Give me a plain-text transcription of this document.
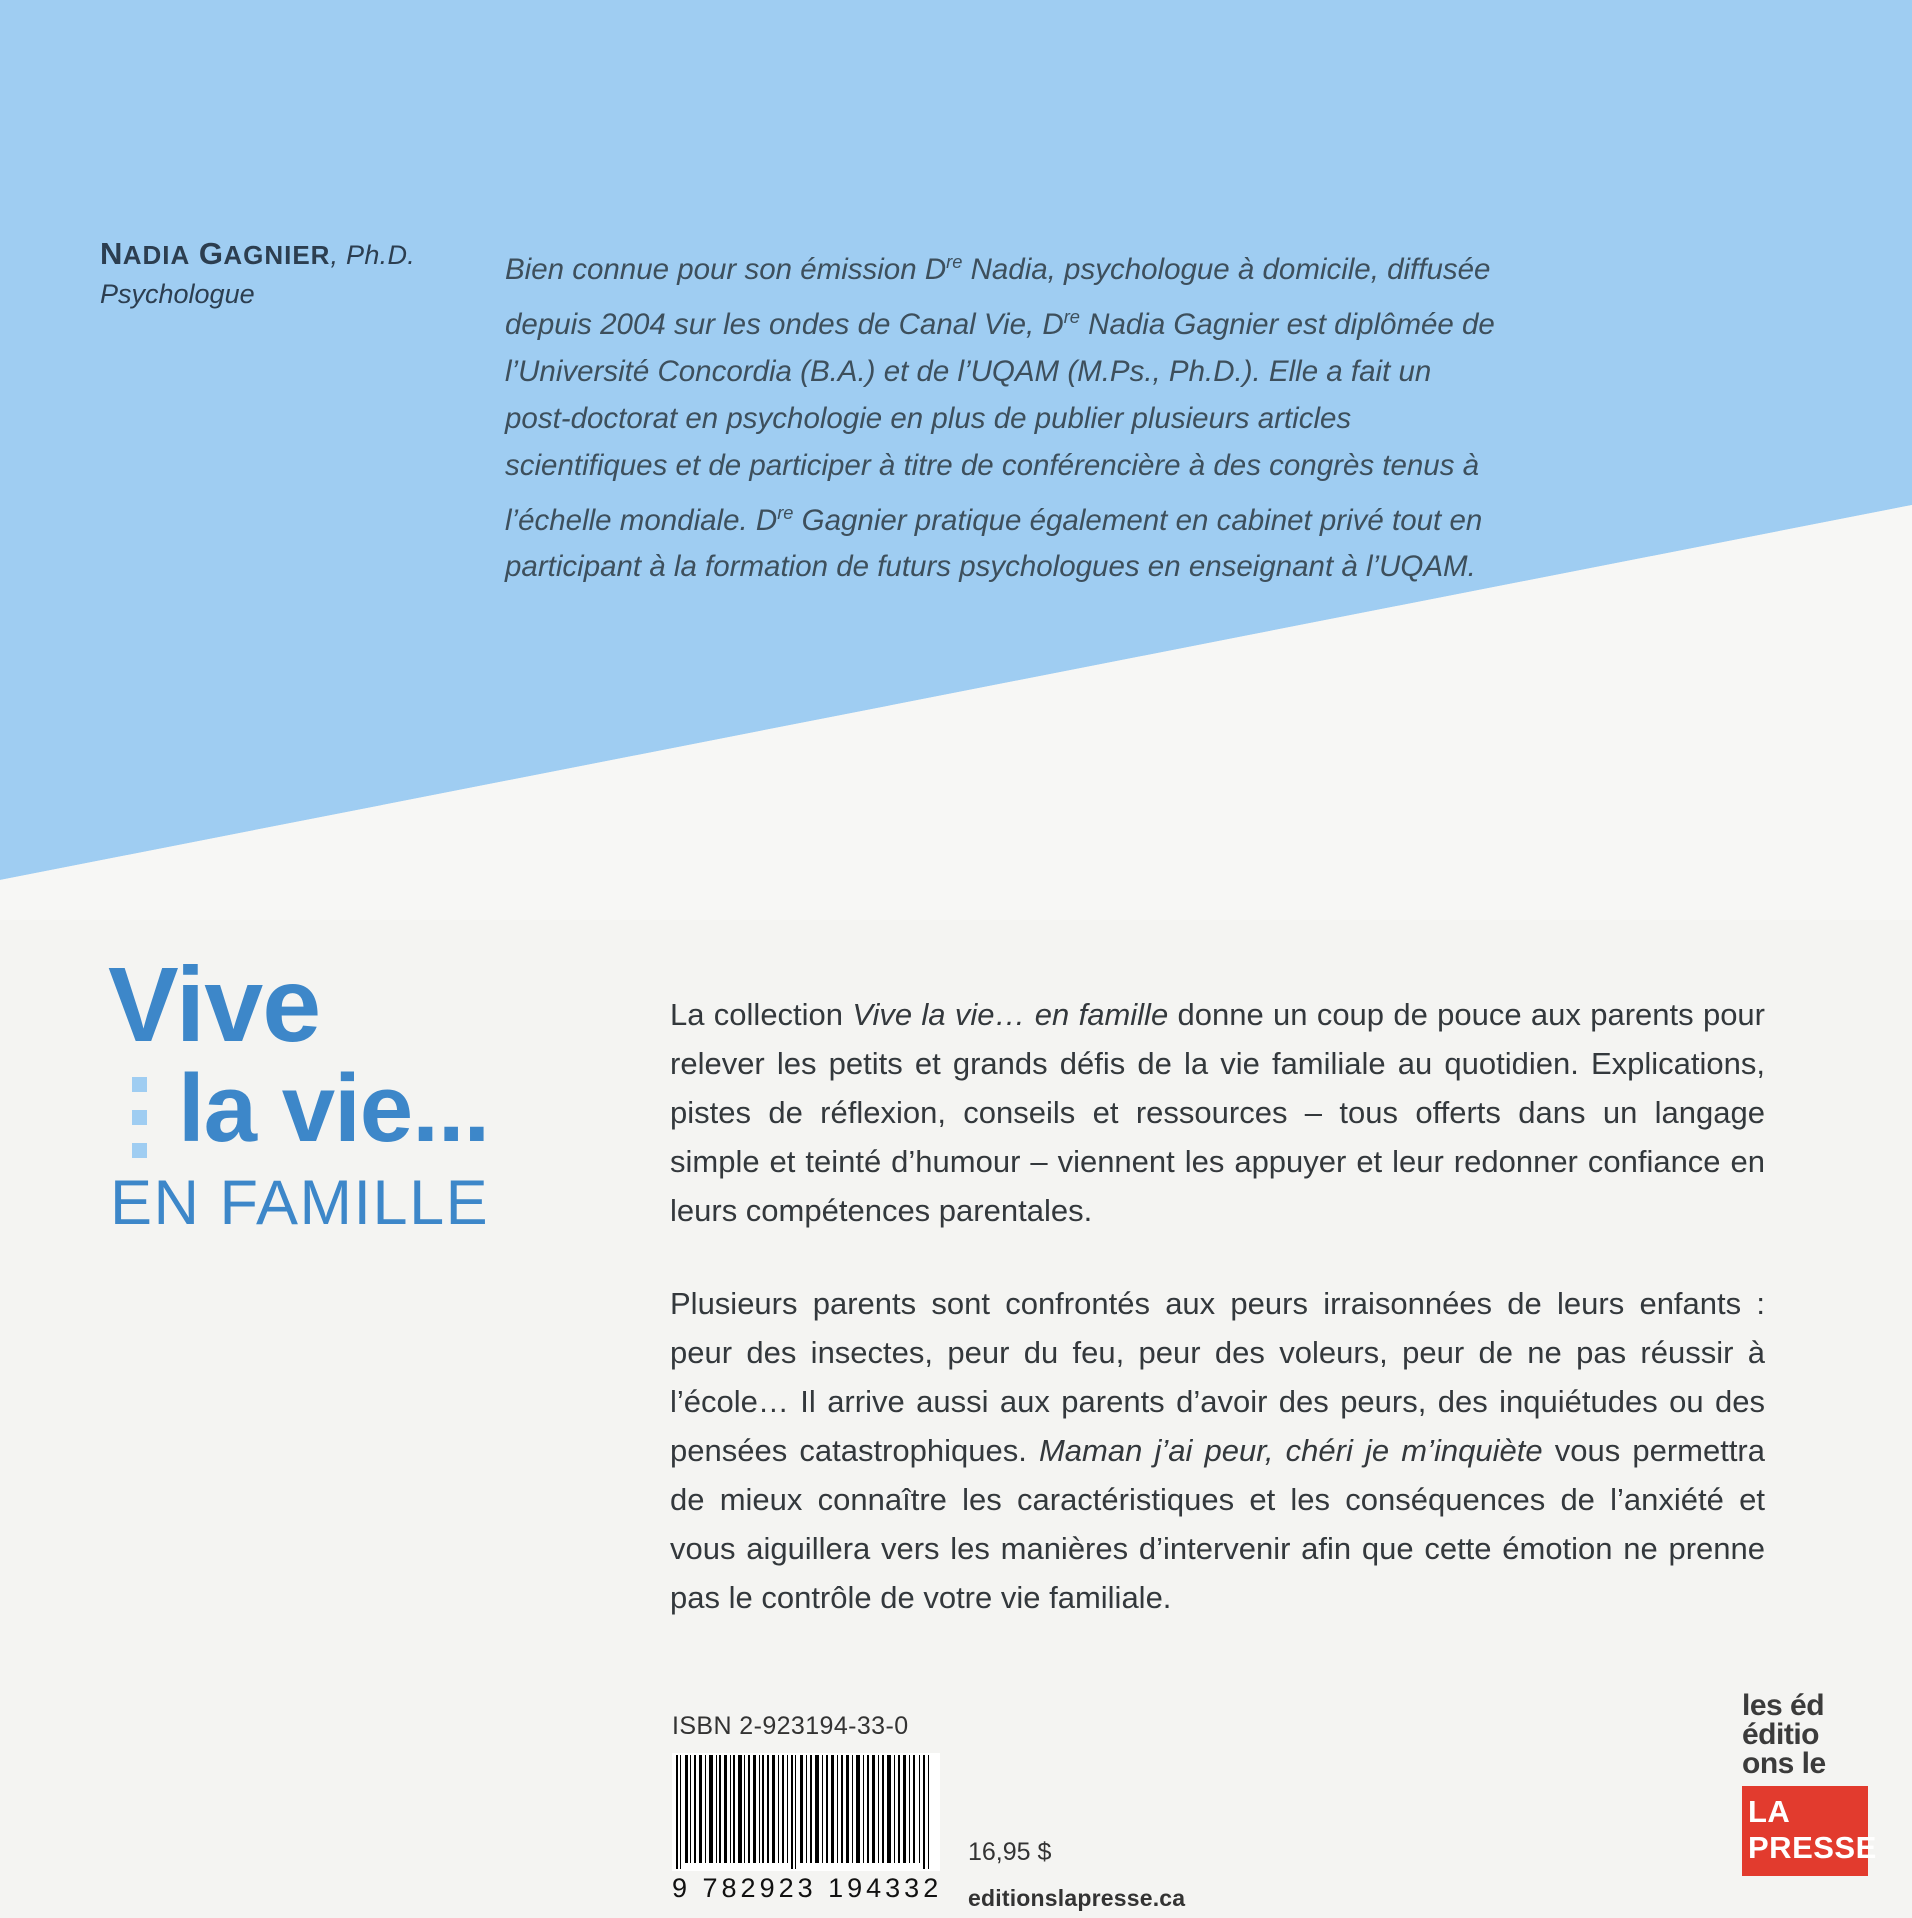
NADIA GAGNIER, Ph.D.
Psychologue
Bien connue pour son émission Dre Nadia, psychologue à domicile, diffusée depuis 2004 sur les ondes de Canal Vie, Dre Nadia Gagnier est diplômée de l’Université Concordia (B.A.) et de l’UQAM (M.Ps., Ph.D.). Elle a fait un post-doctorat en psychologie en plus de publier plusieurs articles scientifiques et de participer à titre de conférencière à des congrès tenus à l’échelle mondiale. Dre Gagnier pratique également en cabinet privé tout en participant à la formation de futurs psychologues en enseignant à l’UQAM.
Vive
la vie...
EN FAMILLE

La collection Vive la vie… en famille donne un coup de pouce aux parents pour relever les petits et grands défis de la vie familiale au quotidien. Explications, pistes de réflexion, conseils et ressources – tous offerts dans un langage simple et teinté d’humour – viennent les appuyer et leur redonner confiance en leurs compétences parentales.

Plusieurs parents sont confrontés aux peurs irraisonnées de leurs enfants : peur des insectes, peur du feu, peur des voleurs, peur de ne pas réussir à l’école… Il arrive aussi aux parents d’avoir des peurs, des inquiétudes ou des pensées catastrophiques. Maman j’ai peur, chéri je m’inquiète vous permettra de mieux connaître les caractéristiques et les conséquences de l’anxiété et vous aiguillera vers les manières d’intervenir afin que cette émotion ne prenne pas le contrôle de votre vie familiale.

ISBN 2-923194-33-0
9 782923 194332
16,95 $
editionslapresse.ca
les éd
éditio
ons le
LA PRESSE
